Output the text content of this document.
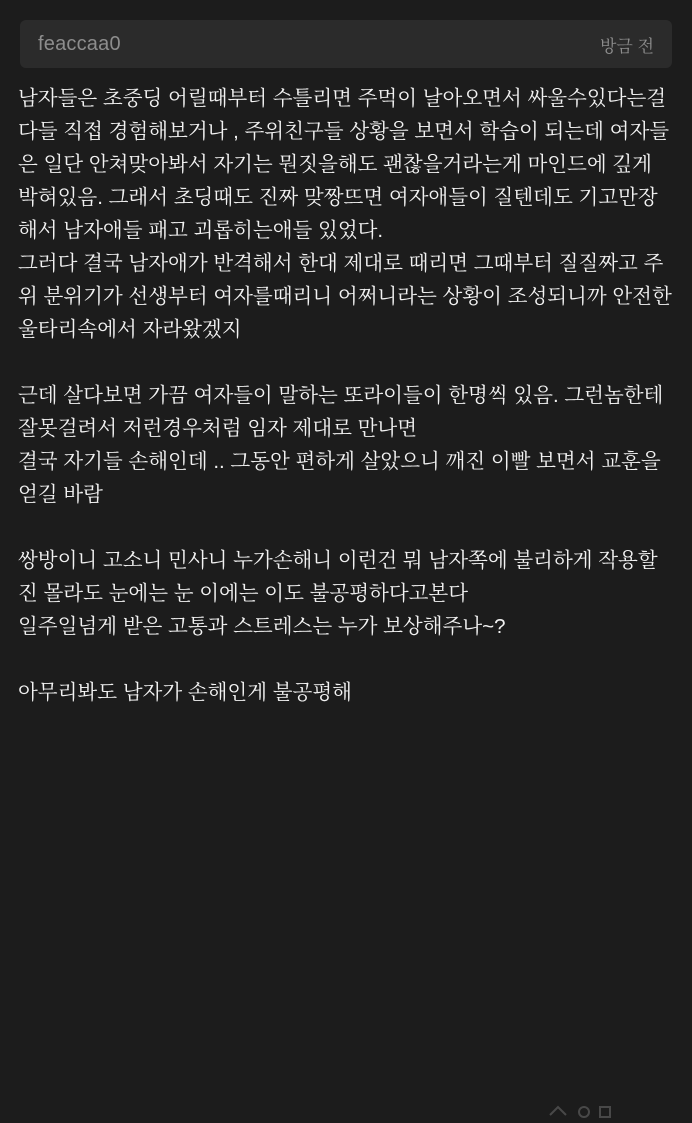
feaccaa0	방금 전

남자들은 초중딩 어릴때부터 수틀리면 주먹이 날아오면서 싸울수있다는걸 다들 직접 경험해보거나 , 주위친구들 상황을 보면서 학습이 되는데 여자들은 일단 안쳐맞아봐서 자기는 뭔짓을해도 괜찮을거라는게 마인드에 깊게 박혀있음. 그래서 초딩때도 진짜 맞짱뜨면 여자애들이 질텐데도 기고만장해서 남자애들 패고 괴롭히는애들 있었다.

그러다 결국 남자애가 반격해서 한대 제대로 때리면 그때부터 질질짜고 주위 분위기가 선생부터 여자를때리니 어쩌니라는 상황이 조성되니까 안전한 울타리속에서 자라왔겠지

근데 살다보면 가끔 여자들이 말하는 또라이들이 한명씩 있음. 그런놈한테 잘못걸려서 저런경우처럼 임자 제대로 만나면

결국 자기들 손해인데 .. 그동안 편하게 살았으니 깨진 이빨 보면서 교훈을 얻길 바람

쌍방이니 고소니 민사니 누가손해니 이런건 뭐 남자쪽에 불리하게 작용할진 몰라도 눈에는 눈 이에는 이도 불공평하다고본다

일주일넘게 받은 고통과 스트레스는 누가 보상해주나~?

아무리봐도 남자가 손해인게 불공평해
